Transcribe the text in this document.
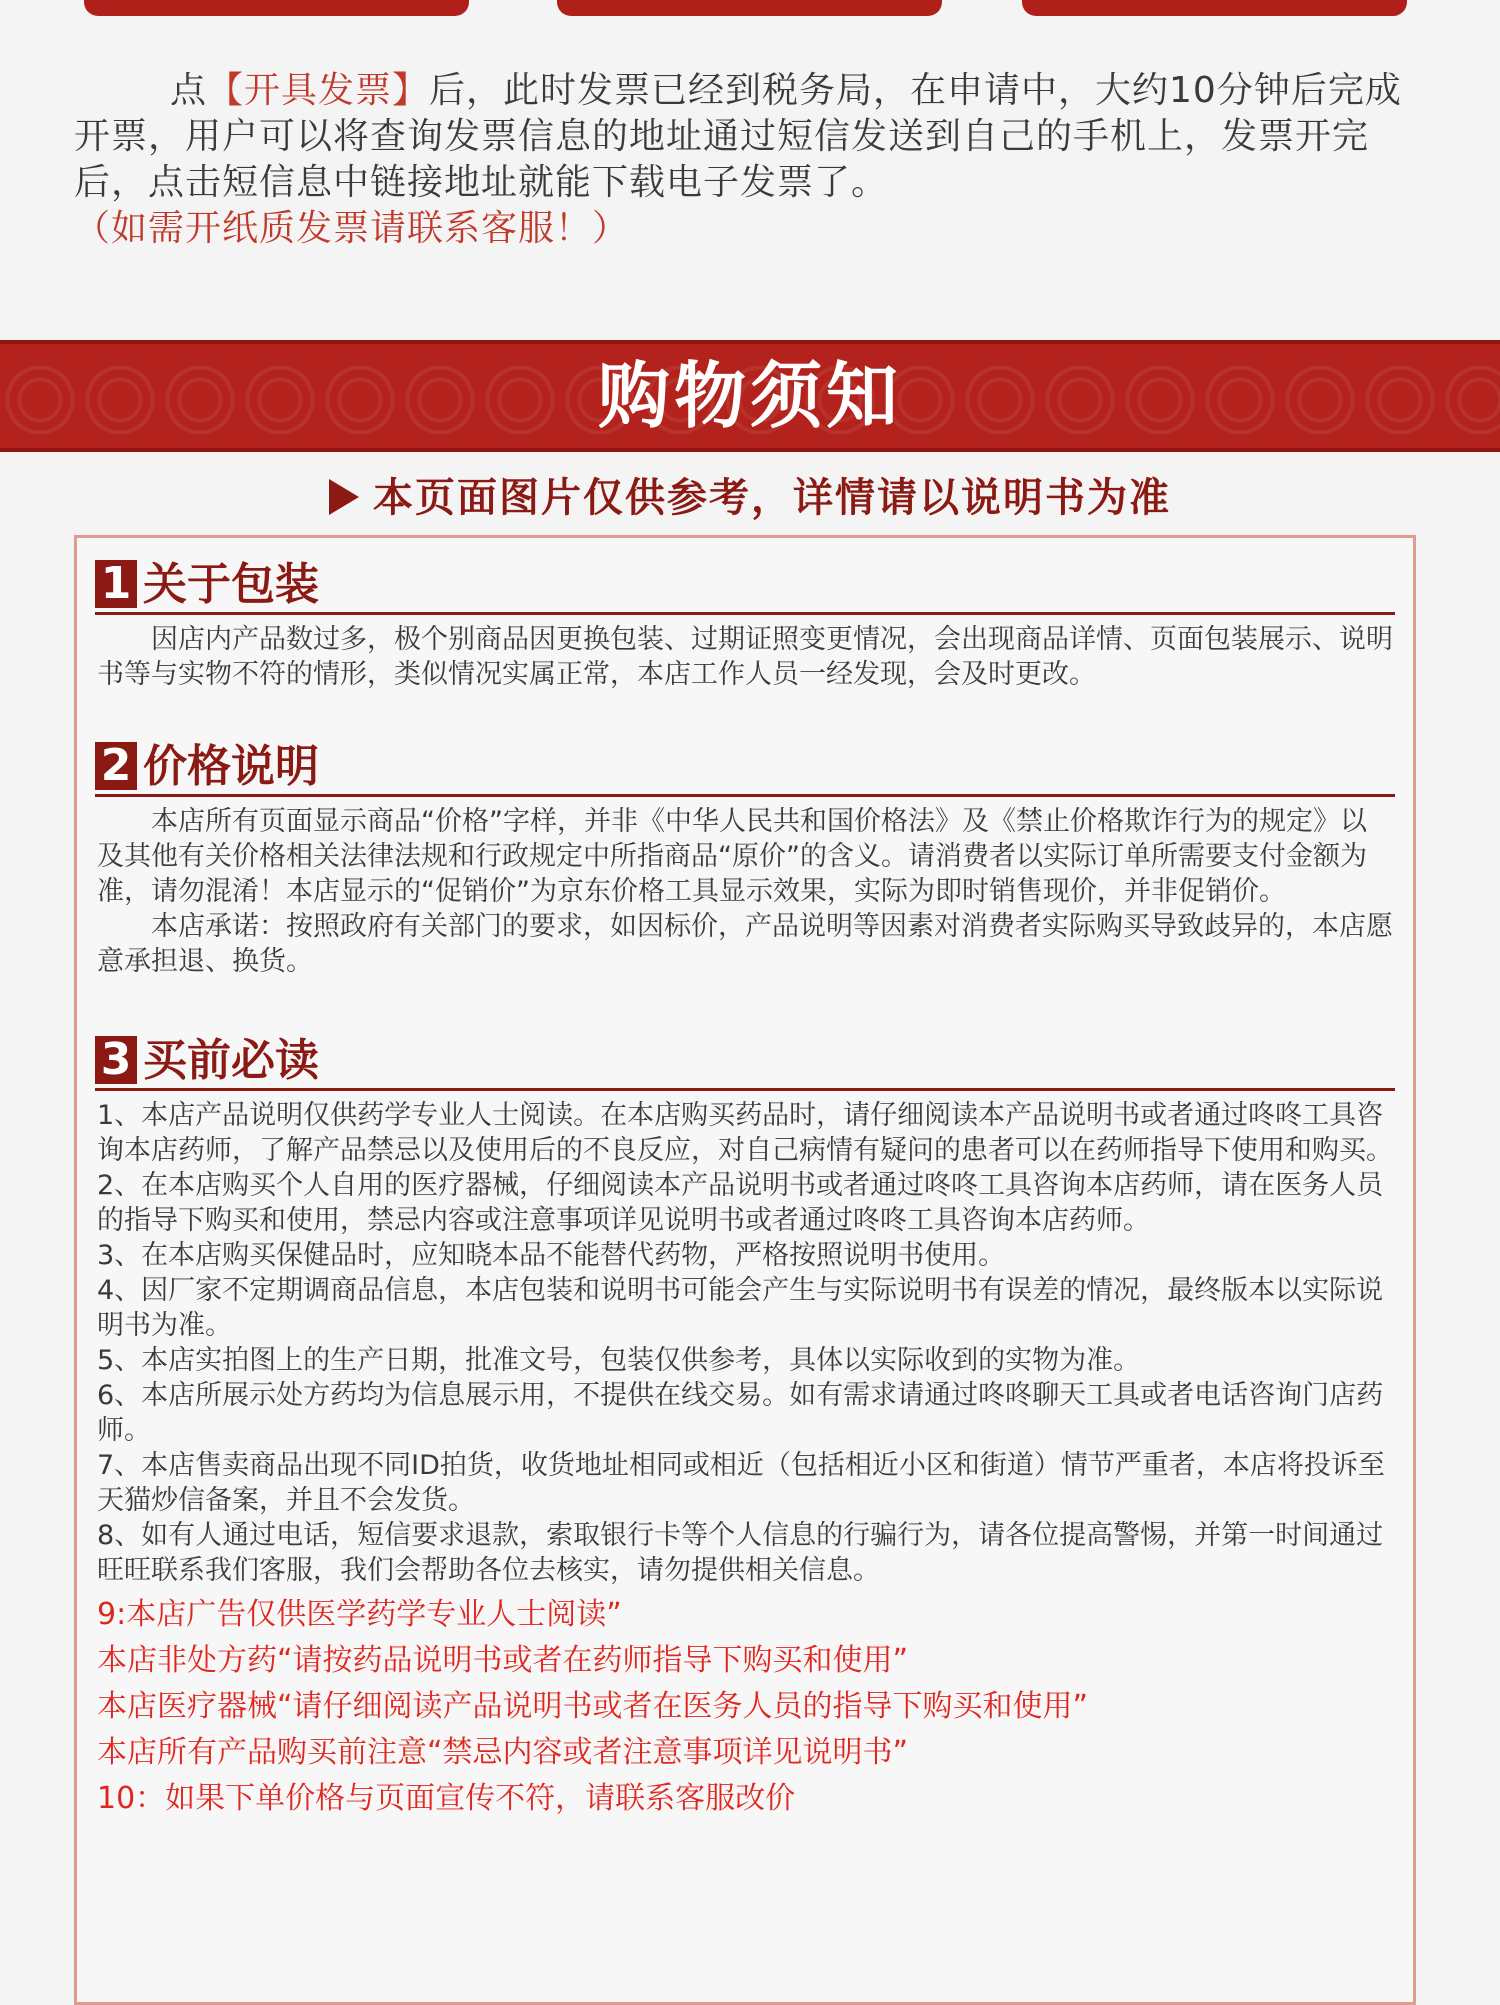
点【开具发票】后，此时发票已经到税务局，在申请中，大约10分钟后完成开票，用户可以将查询发票信息的地址通过短信发送到自己的手机上，发票开完后，点击短信息中链接地址就能下载电子发票了。（如需开纸质发票请联系客服！）
购物须知
本页面图片仅供参考，详情请以说明书为准
1 关于包装

因店内产品数过多，极个别商品因更换包装、过期证照变更情况，会出现商品详情、页面包装展示、说明书等与实物不符的情形，类似情况实属正常，本店工作人员一经发现，会及时更改。

2 价格说明

本店所有页面显示商品“价格”字样，并非《中华人民共和国价格法》及《禁止价格欺诈行为的规定》以及其他有关价格相关法律法规和行政规定中所指商品“原价”的含义。请消费者以实际订单所需要支付金额为准，请勿混淆！本店显示的“促销价”为京东价格工具显示效果，实际为即时销售现价，并非促销价。

本店承诺：按照政府有关部门的要求，如因标价，产品说明等因素对消费者实际购买导致歧异的，本店愿意承担退、换货。

3 买前必读

1、本店产品说明仅供药学专业人士阅读。在本店购买药品时，请仔细阅读本产品说明书或者通过咚咚工具咨询本店药师，了解产品禁忌以及使用后的不良反应，对自己病情有疑问的患者可以在药师指导下使用和购买。

2、在本店购买个人自用的医疗器械，仔细阅读本产品说明书或者通过咚咚工具咨询本店药师，请在医务人员的指导下购买和使用，禁忌内容或注意事项详见说明书或者通过咚咚工具咨询本店药师。

3、在本店购买保健品时，应知晓本品不能替代药物，严格按照说明书使用。

4、因厂家不定期调商品信息，本店包装和说明书可能会产生与实际说明书有误差的情况，最终版本以实际说明书为准。

5、本店实拍图上的生产日期，批准文号，包装仅供参考，具体以实际收到的实物为准。

6、本店所展示处方药均为信息展示用，不提供在线交易。如有需求请通过咚咚聊天工具或者电话咨询门店药师。

7、本店售卖商品出现不同ID拍货，收货地址相同或相近（包括相近小区和街道）情节严重者，本店将投诉至天猫炒信备案，并且不会发货。

8、如有人通过电话，短信要求退款，索取银行卡等个人信息的行骗行为，请各位提高警惕，并第一时间通过旺旺联系我们客服，我们会帮助各位去核实，请勿提供相关信息。

9:本店广告仅供医学药学专业人士阅读”

本店非处方药“请按药品说明书或者在药师指导下购买和使用”

本店医疗器械“请仔细阅读产品说明书或者在医务人员的指导下购买和使用”

本店所有产品购买前注意“禁忌内容或者注意事项详见说明书”

10：如果下单价格与页面宣传不符，请联系客服改价
